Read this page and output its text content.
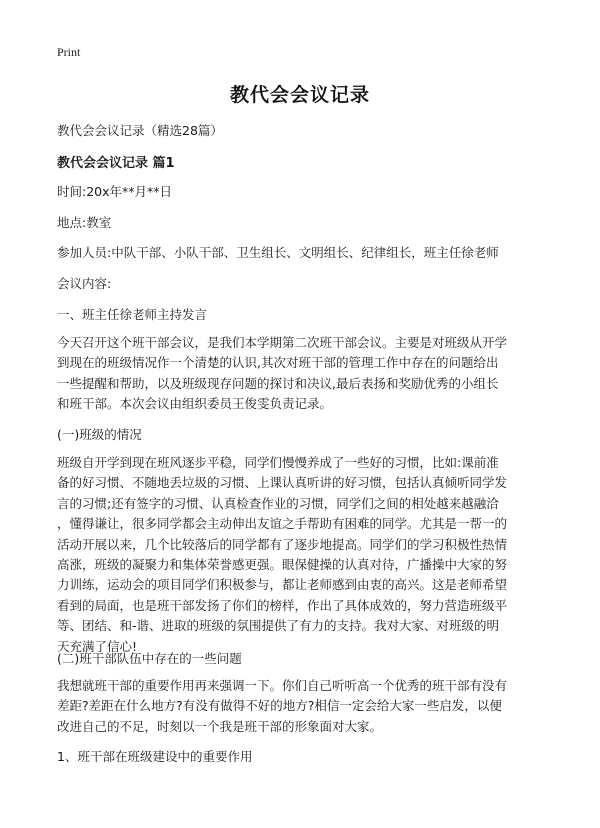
Print
教代会会议记录
教代会会议记录（精选28篇）
教代会会议记录 篇1
时间:20x年**月**日
地点:教室
参加人员:中队干部、小队干部、卫生组长、文明组长、纪律组长，班主任徐老师
会议内容:
一、班主任徐老师主持发言
今天召开这个班干部会议，是我们本学期第二次班干部会议。主要是对班级从开学
到现在的班级情况作一个清楚的认识,其次对班干部的管理工作中存在的问题给出
一些提醒和帮助，以及班级现存问题的探讨和决议,最后表扬和奖励优秀的小组长
和班干部。本次会议由组织委员王俊雯负责记录。
(一)班级的情况
班级自开学到现在班风逐步平稳，同学们慢慢养成了一些好的习惯，比如:课前准
备的好习惯、不随地丢垃圾的习惯、上课认真听讲的好习惯，包括认真倾听同学发
言的习惯;还有签字的习惯、认真检查作业的习惯，同学们之间的相处越来越融洽
，懂得谦让，很多同学都会主动伸出友谊之手帮助有困难的同学。尤其是一帮一的
活动开展以来，几个比较落后的同学都有了逐步地提高。同学们的学习积极性热情
高涨，班级的凝聚力和集体荣誉感更强。眼保健操的认真对待，广播操中大家的努
力训练，运动会的项目同学们积极参与，都让老师感到由衷的高兴。这是老师希望
看到的局面，也是班干部发扬了你们的榜样，作出了具体成效的，努力营造班级平
等、团结、和-谐、进取的班级的氛围提供了有力的支持。我对大家、对班级的明
天充满了信心!
(二)班干部队伍中存在的一些问题
我想就班干部的重要作用再来强调一下。你们自己听听高一个优秀的班干部有没有
差距?差距在什么地方?有没有做得不好的地方?相信一定会给大家一些启发，以便
改进自己的不足，时刻以一个我是班干部的形象面对大家。
1、班干部在班级建设中的重要作用
